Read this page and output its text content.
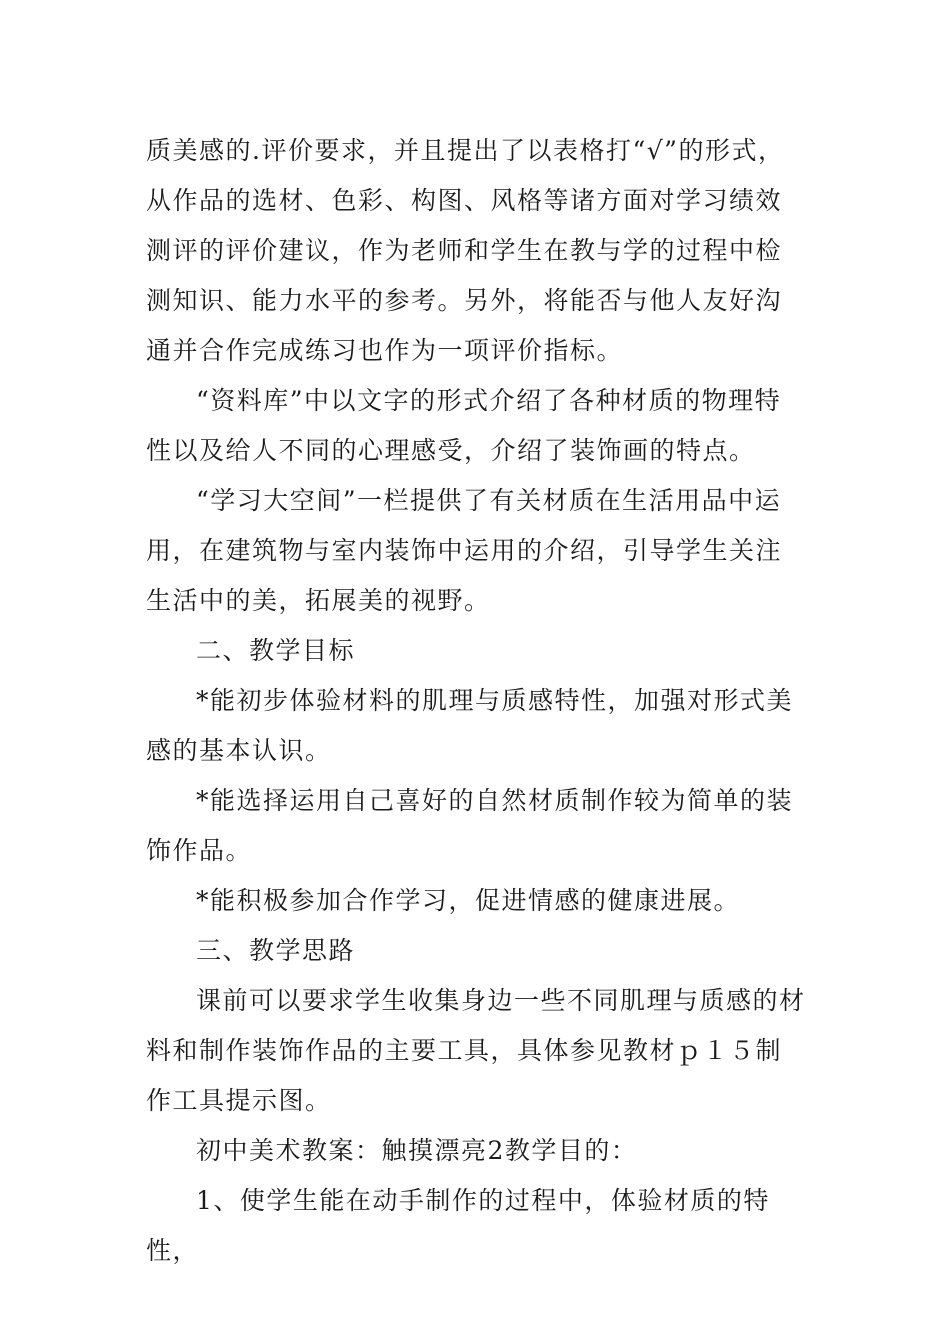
质美感的.评价要求，并且提出了以表格打“√”的形式，从作品的选材、色彩、构图、风格等诸方面对学习绩效测评的评价建议，作为老师和学生在教与学的过程中检测知识、能力水平的参考。另外，将能否与他人友好沟通并合作完成练习也作为一项评价指标。

“资料库”中以文字的形式介绍了各种材质的物理特性以及给人不同的心理感受，介绍了装饰画的特点。

“学习大空间”一栏提供了有关材质在生活用品中运用，在建筑物与室内装饰中运用的介绍，引导学生关注生活中的美，拓展美的视野。

二、教学目标

*能初步体验材料的肌理与质感特性，加强对形式美感的基本认识。

*能选择运用自己喜好的自然材质制作较为简单的装饰作品。

*能积极参加合作学习，促进情感的健康进展。

三、教学思路

课前可以要求学生收集身边一些不同肌理与质感的材料和制作装饰作品的主要工具，具体参见教材ｐ１５制作工具提示图。

初中美术教案：触摸漂亮2教学目的：

1、使学生能在动手制作的过程中，体验材质的特性，
